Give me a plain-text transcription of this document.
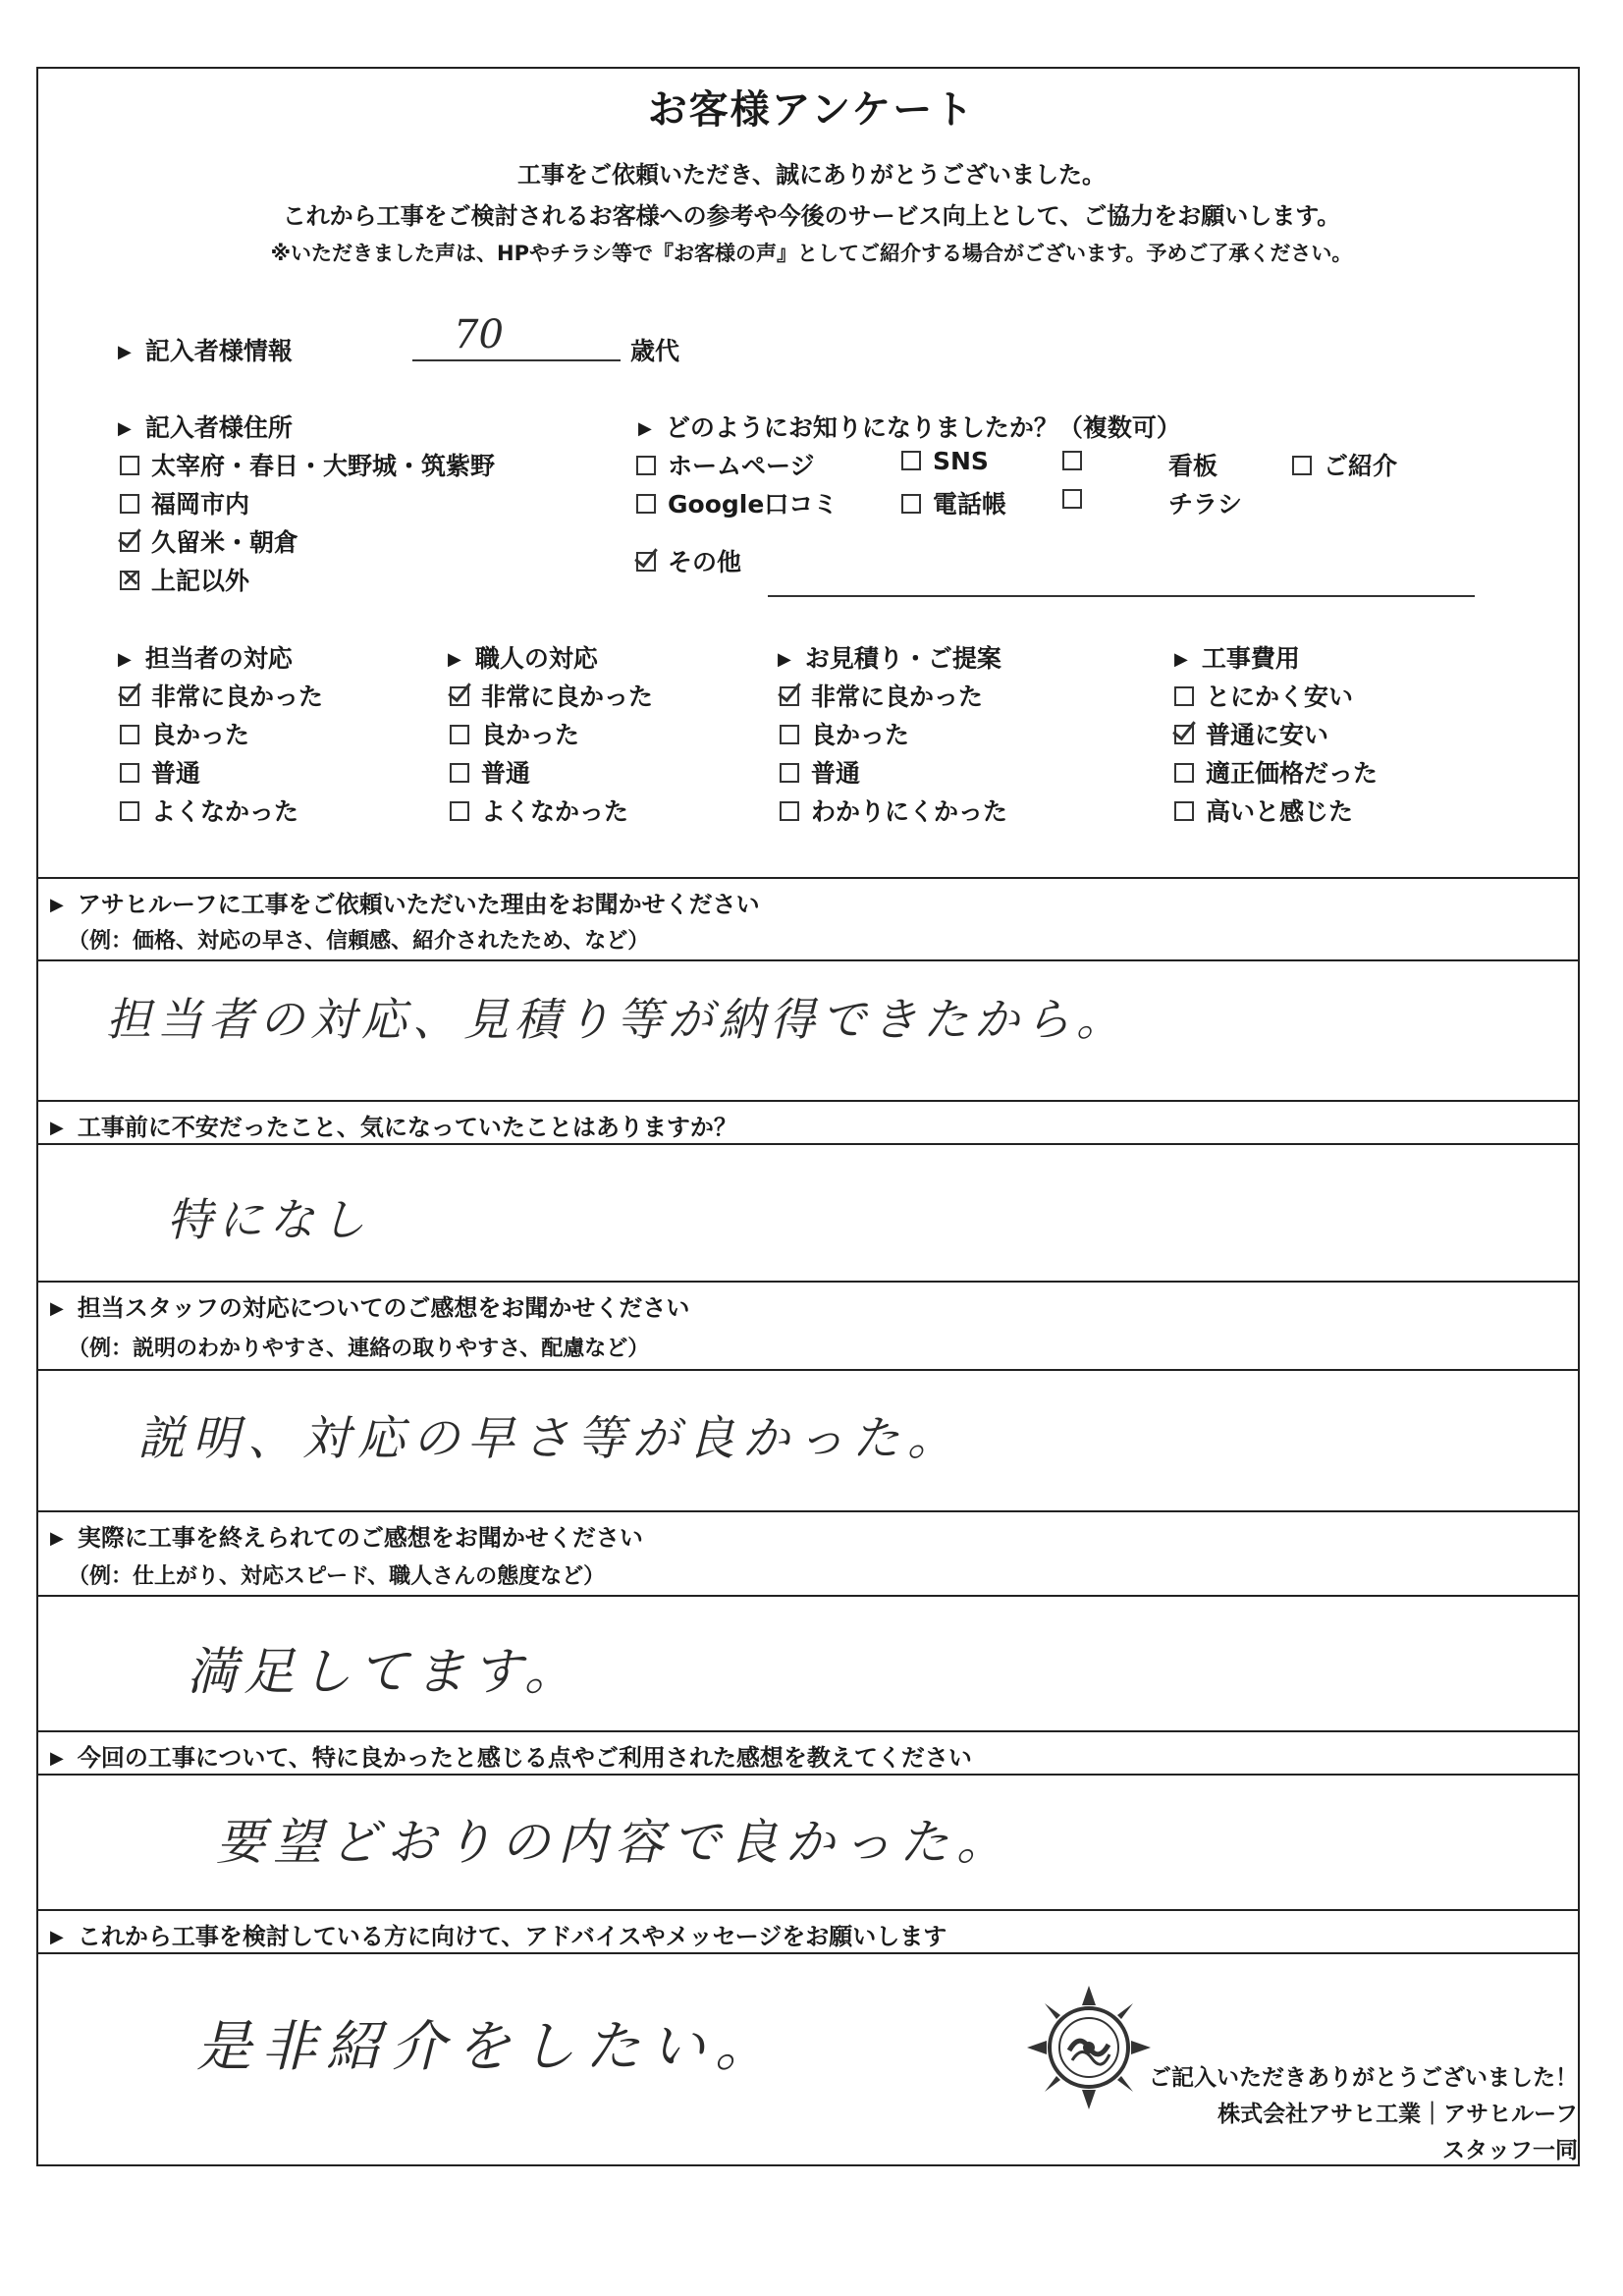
お客様アンケート
工事をご依頼いただき、誠にありがとうございました。
これから工事をご検討されるお客様への参考や今後のサービス向上として、ご協力をお願いします。
※いただきました声は、HPやチラシ等で『お客様の声』としてご紹介する場合がございます。予めご了承ください。
▶ 記入者様情報	70	歳代
▶ 記入者様住所
太宰府・春日・大野城・筑紫野
福岡市内
久留米・朝倉
×上記以外
▶ どのようにお知りになりましたか？（複数可）
ホームページ	SNS	看板	ご紹介
Google口コミ	電話帳	チラシ
その他
▶ 担当者の対応
非常に良かった
良かった
普通
よくなかった
▶ 職人の対応
非常に良かった
良かった
普通
よくなかった
▶ お見積り・ご提案
非常に良かった
良かった
普通
わかりにくかった
▶ 工事費用
とにかく安い
普通に安い
適正価格だった
高いと感じた
▶ アサヒルーフに工事をご依頼いただいた理由をお聞かせください
（例：価格、対応の早さ、信頼感、紹介されたため、など）
担当者の対応、見積り等が納得できたから。
▶ 工事前に不安だったこと、気になっていたことはありますか？
特になし
▶ 担当スタッフの対応についてのご感想をお聞かせください
（例：説明のわかりやすさ、連絡の取りやすさ、配慮など）
説明、対応の早さ等が良かった。
▶ 実際に工事を終えられてのご感想をお聞かせください
（例：仕上がり、対応スピード、職人さんの態度など）
満足してます。
▶ 今回の工事について、特に良かったと感じる点やご利用された感想を教えてください
要望どおりの内容で良かった。
▶ これから工事を検討している方に向けて、アドバイスやメッセージをお願いします
是非紹介をしたい。	ご記入いただきありがとうございました！
株式会社アサヒ工業｜アサヒルーフ
スタッフ一同
